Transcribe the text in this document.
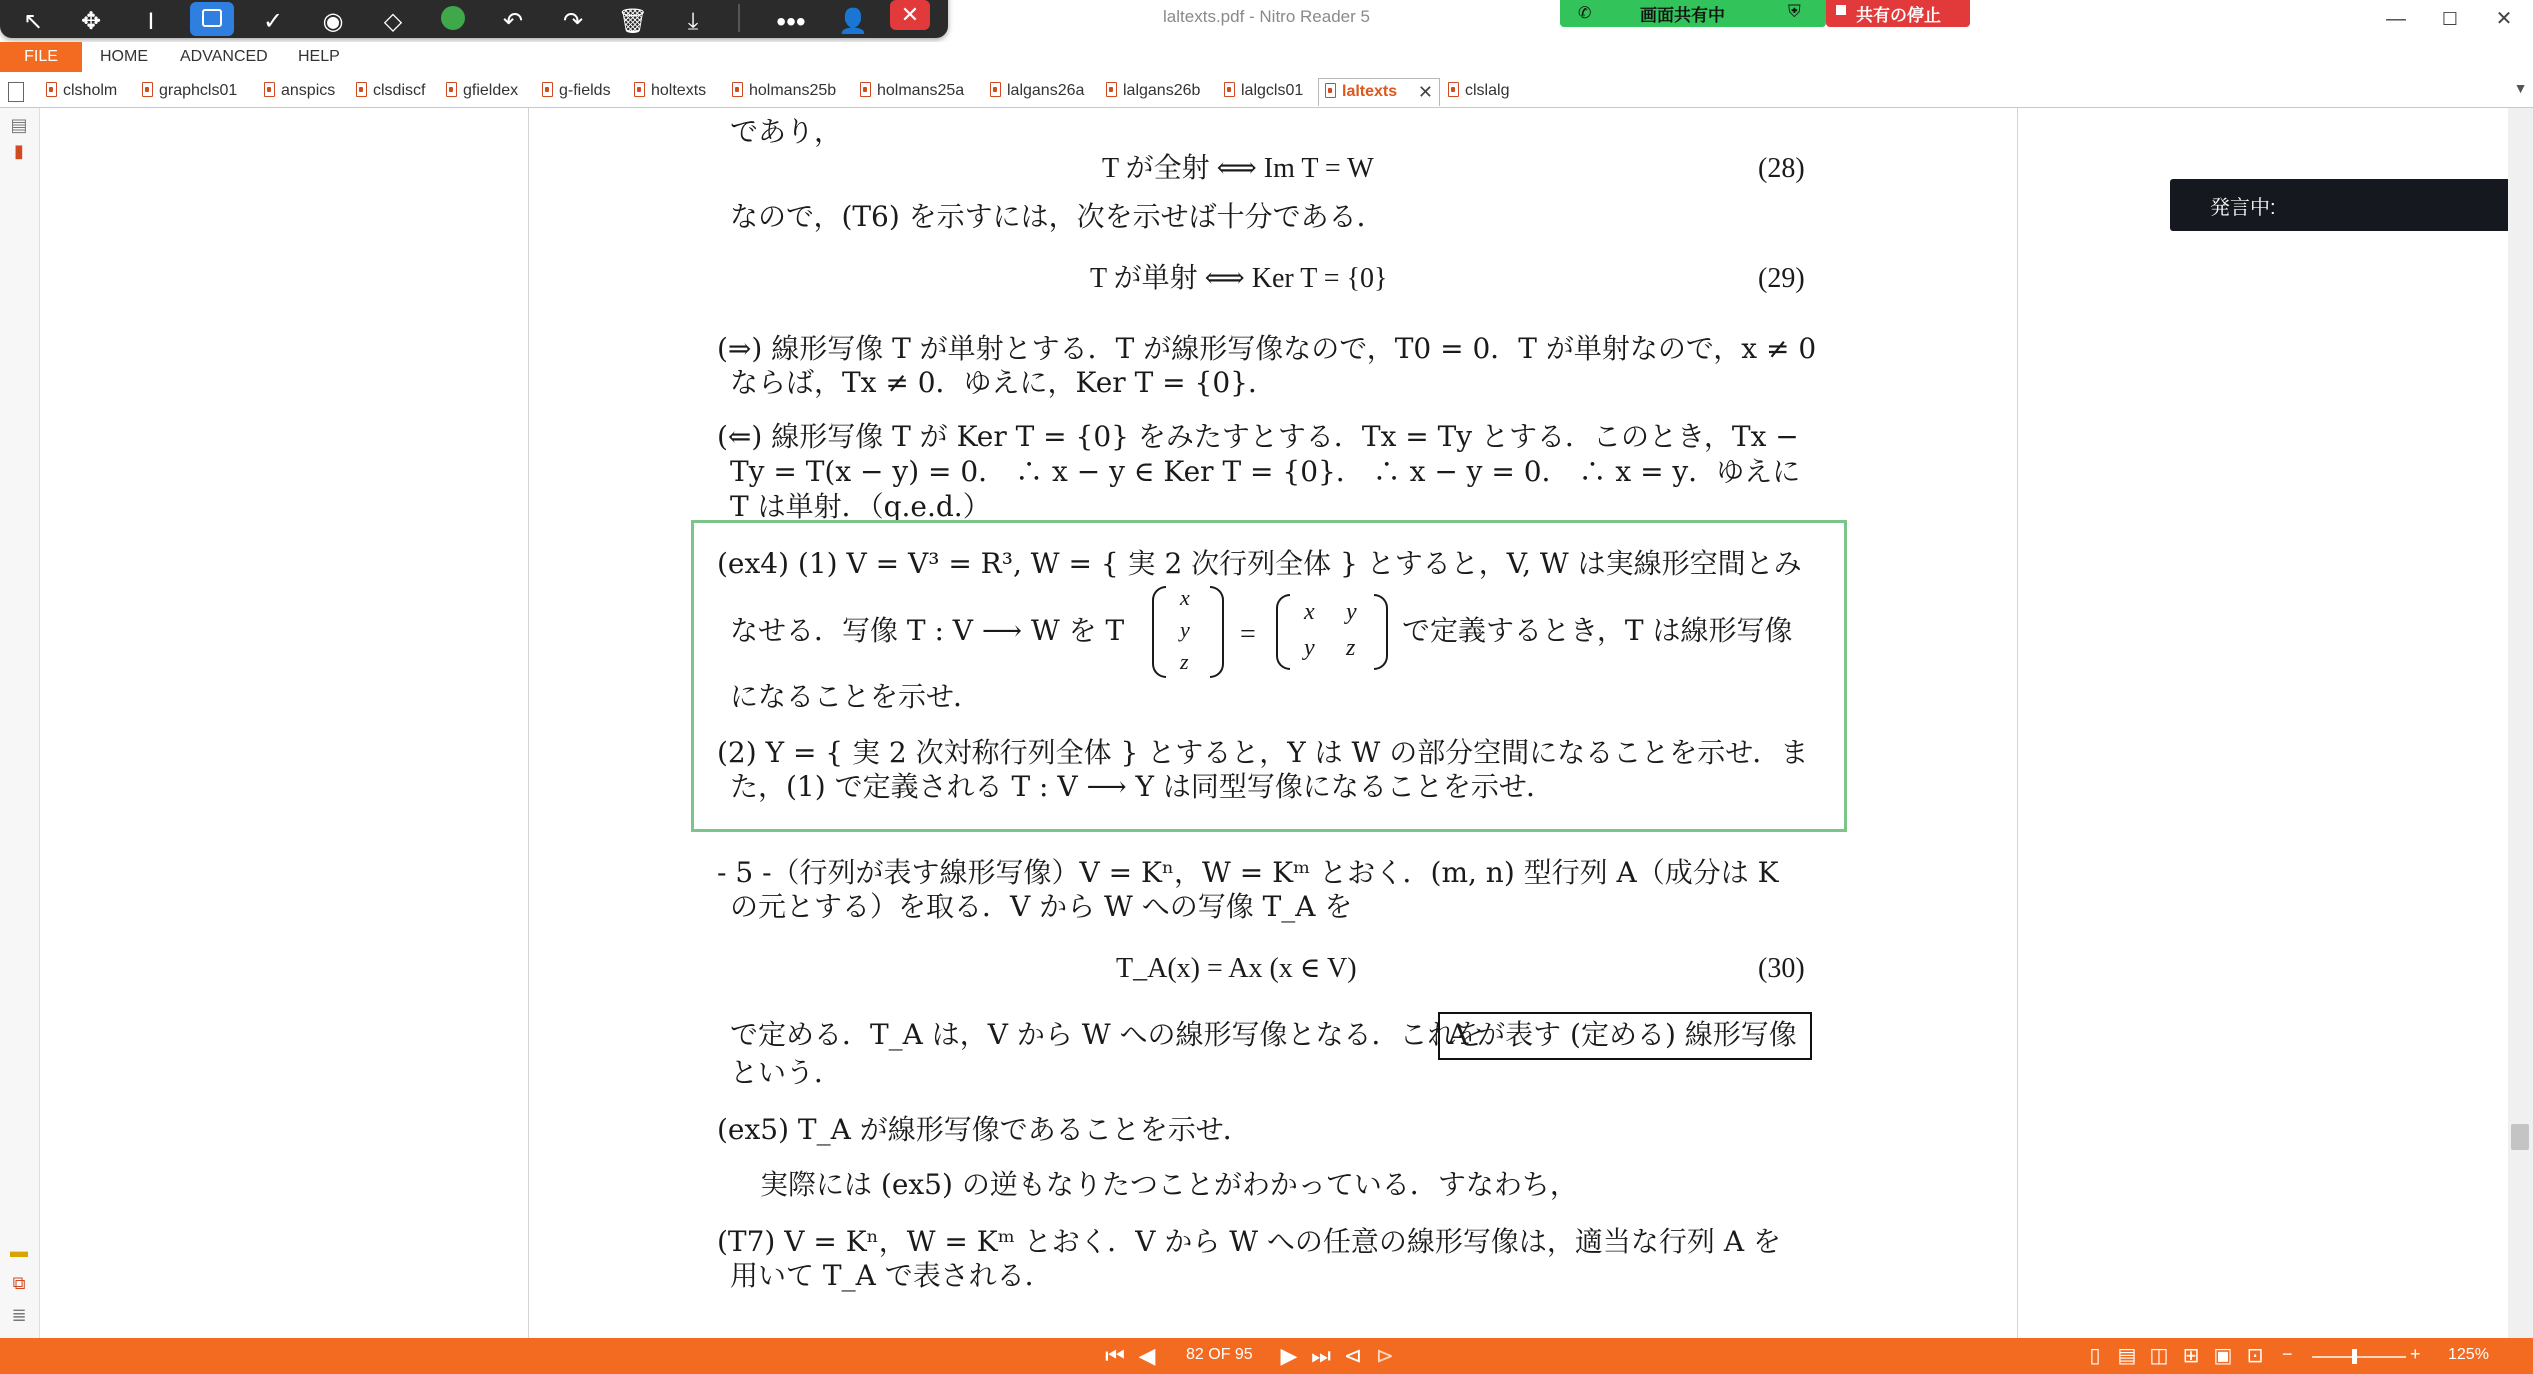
laltexts.pdf - Nitro Reader 5	—	☐	✕
✆	画面共有中	⛨	共有の停止
↖	✥	I	✓	◉	◇	↶	↷	🗑	⤓	•••	👤	✕
FILE	HOME ADVANCED HELP
clsholm	graphcls01	anspics	clsdiscf	gfieldex	g-fields	holtexts	holmans25b	holmans25a	lalgans26a	lalgans26b	lalgcls01	laltexts ✕	clslalg
▤
▮
▬
⧉
≣
であり，
T が全射 ⟺ Im T = W	(28)
なので，(T6) を示すには，次を示せば十分である．
T が単射 ⟺ Ker T = {0}	(29)
(⇒) 線形写像 T が単射とする．T が線形写像なので，T0 = 0．T が単射なので，x ≠ 0
ならば，Tx ≠ 0．ゆえに，Ker T = {0}．
(⇐) 線形写像 T が Ker T = {0} をみたすとする．Tx = Ty とする．このとき，Tx −
Ty = T(x − y) = 0． ∴ x − y ∈ Ker T = {0}． ∴ x − y = 0． ∴ x = y．ゆえに
T は単射．（q.e.d.）
(ex4) (1) V = V³ = R³, W = { 実 2 次行列全体 } とすると，V, W は実線形空間とみ
なせる．写像 T : V ⟶ W を T
x
y
z
=
x y
y z
で定義するとき，T は線形写像
になることを示せ．
(2) Y = { 実 2 次対称行列全体 } とすると，Y は W の部分空間になることを示せ．ま
た，(1) で定義される T : V ⟶ Y は同型写像になることを示せ．
- 5 -（行列が表す線形写像）V = Kⁿ，W = Kᵐ とおく．(m, n) 型行列 A（成分は K
の元とする）を取る．V から W への写像 T_A を
T_A(x) = Ax (x ∈ V)	(30)
で定める．T_A は，V から W への線形写像となる．これを
A が表す (定める) 線形写像
という．
(ex5) T_A が線形写像であることを示せ．
実際には (ex5) の逆もなりたつことがわかっている．すなわち，
(T7) V = Kⁿ，W = Kᵐ とおく．V から W への任意の線形写像は，適当な行列 A を
用いて T_A で表される．
発言中:
▼
⏮ ◀	82 OF 95 ▶ ⏭ ⊲ ⊳	▯ ▤ ◫ ⊞ ▣ ⊡	−	+ 125%
